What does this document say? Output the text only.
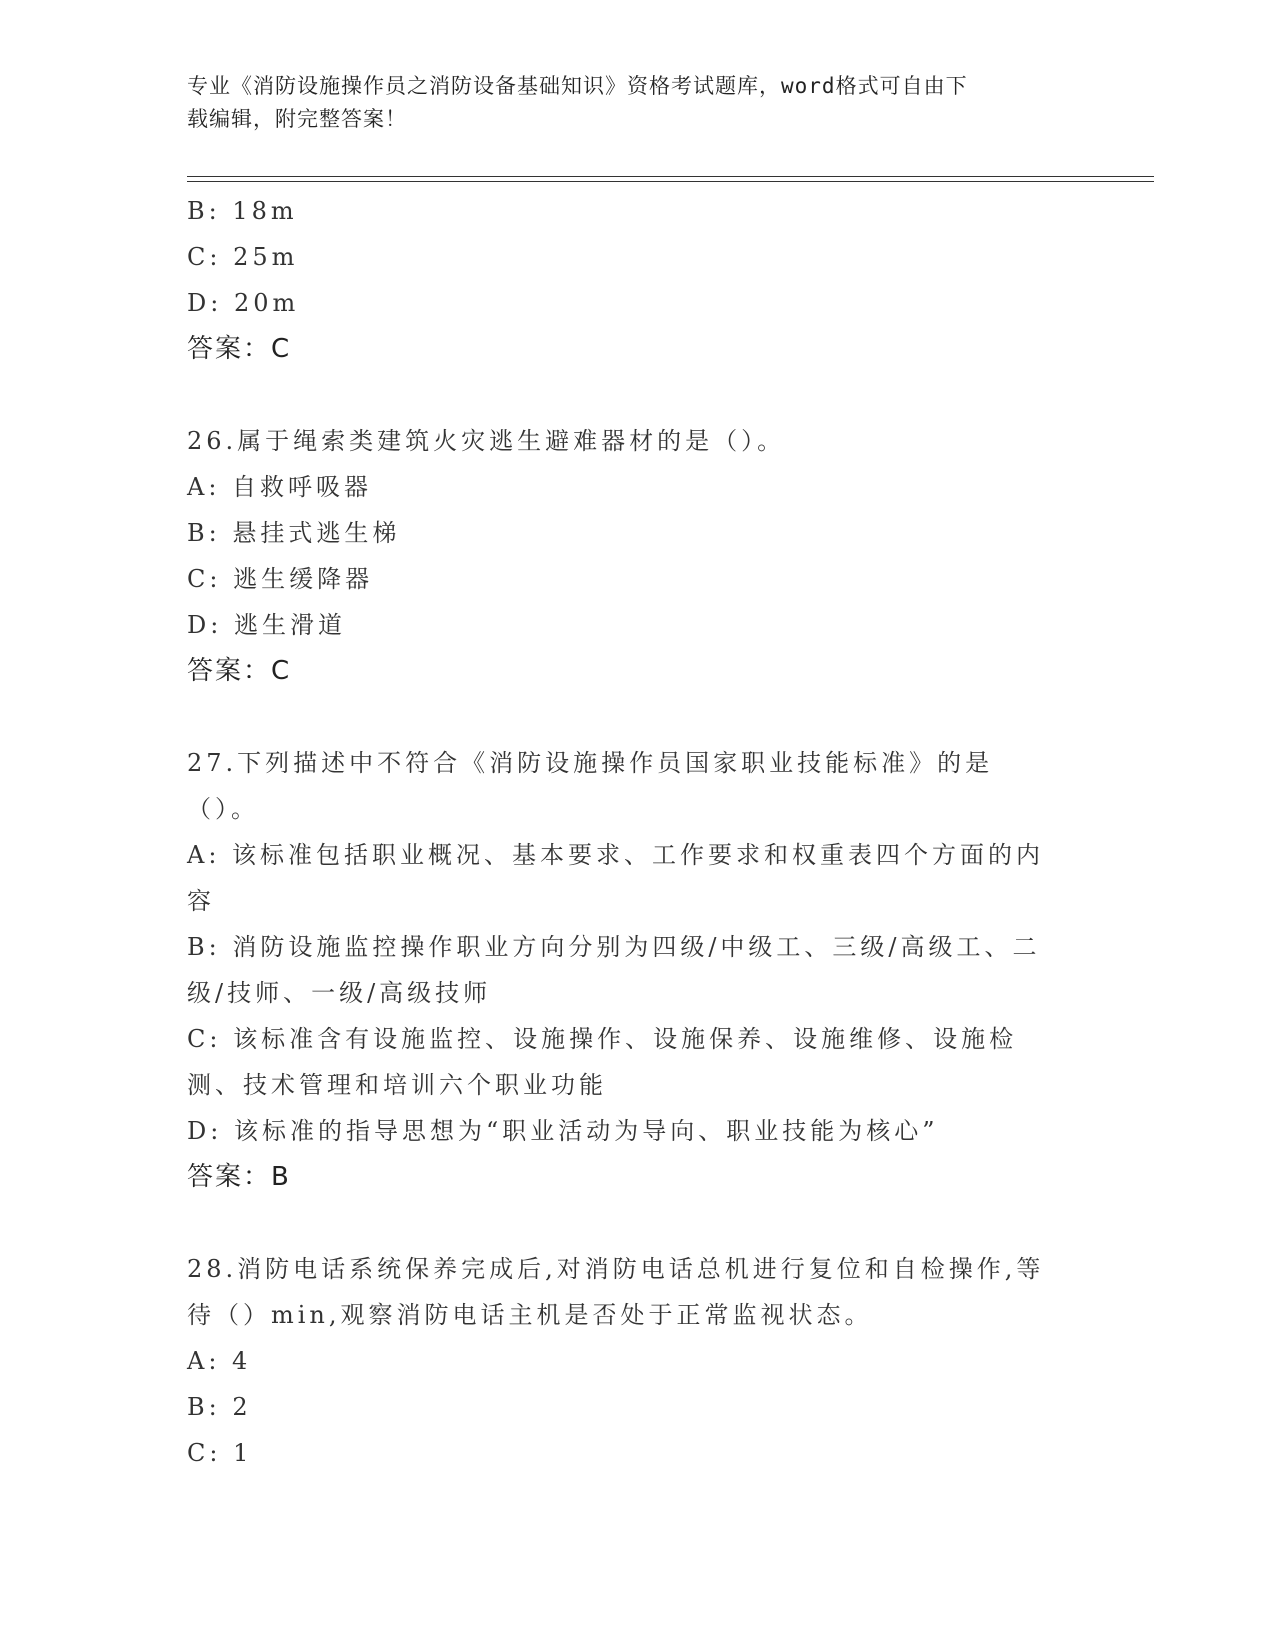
专业《消防设施操作员之消防设备基础知识》资格考试题库，word格式可自由下
载编辑，附完整答案！
B: 18m
C: 25m
D: 20m
答案：C
26.属于绳索类建筑火灾逃生避难器材的是（）。
A: 自救呼吸器
B: 悬挂式逃生梯
C: 逃生缓降器
D: 逃生滑道
答案：C
27.下列描述中不符合《消防设施操作员国家职业技能标准》的是（）。
A: 该标准包括职业概况、基本要求、工作要求和权重表四个方面的内容
B: 消防设施监控操作职业方向分别为四级/中级工、三级/高级工、二级/技师、一级/高级技师
C: 该标准含有设施监控、设施操作、设施保养、设施维修、设施检测、技术管理和培训六个职业功能
D: 该标准的指导思想为“职业活动为导向、职业技能为核心”
答案：B
28.消防电话系统保养完成后,对消防电话总机进行复位和自检操作,等待（）min,观察消防电话主机是否处于正常监视状态。
A: 4
B: 2
C: 1
